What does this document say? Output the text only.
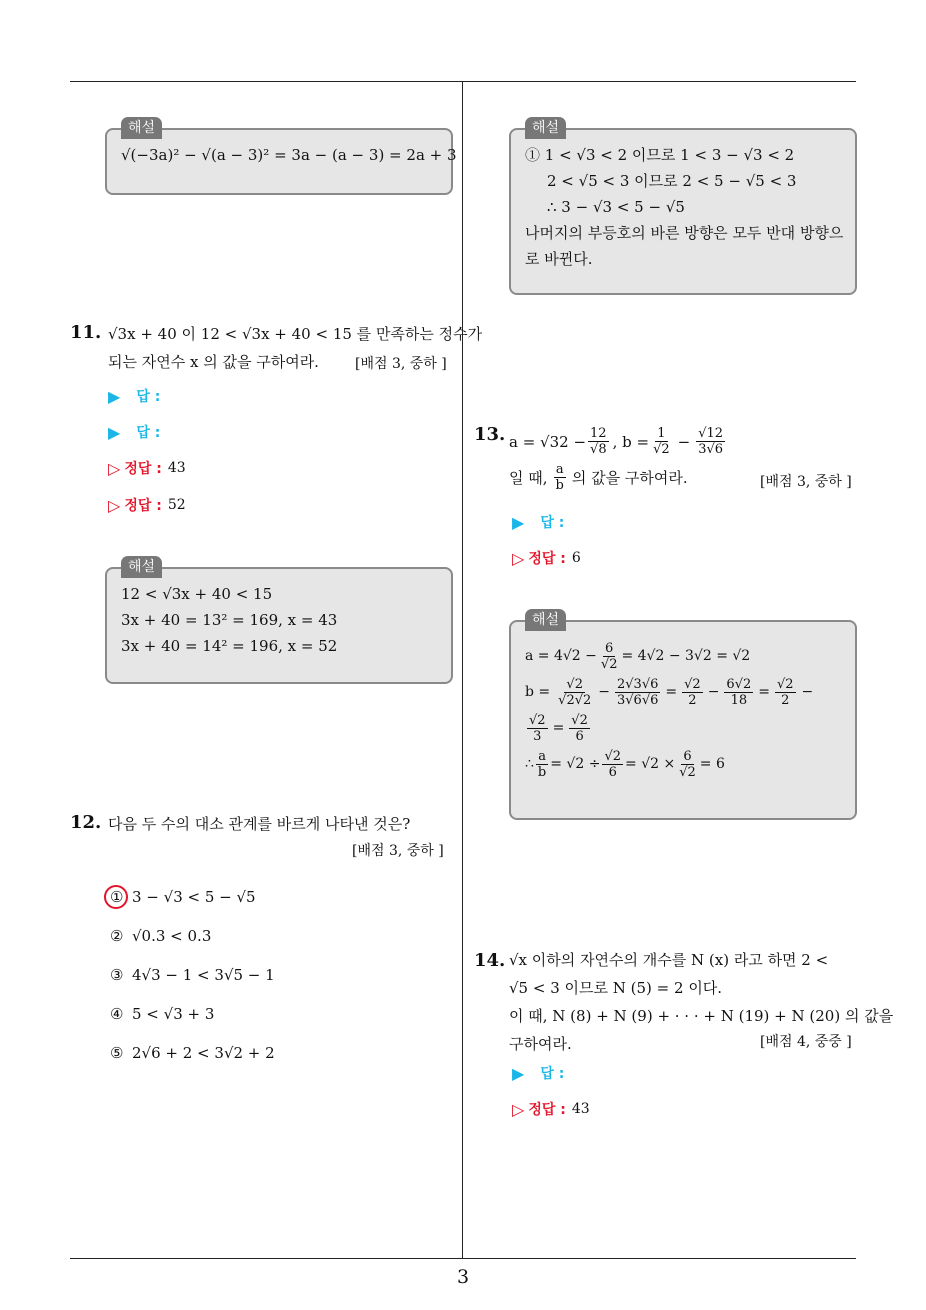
해설
√(−3a)² − √(a − 3)² = 3a − (a − 3) = 2a + 3
11. √3x + 40 이 12 < √3x + 40 < 15 를 만족하는 정수가
되는 자연수 x 의 값을 구하여라.	[배점 3, 중하 ]
▶ 답 :
▶ 답 :
▷ 정답 : 43
▷ 정답 : 52
해설
12 < √3x + 40 < 15
3x + 40 = 13² = 169, x = 43
3x + 40 = 14² = 196, x = 52
12. 다음 두 수의 대소 관계를 바르게 나타낸 것은?
[배점 3, 중하 ]
① 3 − √3 < 5 − √5
② √0.3 < 0.3
③ 4√3 − 1 < 3√5 − 1
④ 5 < √3 + 3
⑤ 2√6 + 2 < 3√2 + 2
해설
① 1 < √3 < 2 이므로 1 < 3 − √3 < 2
2 < √5 < 3 이므로 2 < 5 − √5 < 3
∴ 3 − √3 < 5 − √5
나머지의 부등호의 바른 방향은 모두 반대 방향으
로 바뀐다.
13. $a = √32 - \frac{12}{√8}$ , $b = \frac{1}{√2} - \frac{√12}{3√6}$
일 때, $\frac{a}{b}$ 의 값을 구하여라.	[배점 3, 중하 ]
▶ 답 :
▷ 정답 : 6
해설
$a = 4√2 - \frac{6}{√2} = 4√2 - 3√2 = √2$
$b = \frac{√2}{√2√2} - \frac{2√3√6}{3√6√6} = \frac{√2}{2} - \frac{6√2}{18} = \frac{√2}{2}$ −
$\frac{√2}{3} = \frac{√2}{6}$
∴ $\frac{a}{b} = √2 \div \frac{√2}{6} = √2 \times \frac{6}{√2} = 6$
14. √x 이하의 자연수의 개수를 N (x) 라고 하면 2 <
√5 < 3 이므로 N (5) = 2 이다.
이 때, N (8) + N (9) + · · · + N (19) + N (20) 의 값을
구하여라.	[배점 4, 중중 ]
▶ 답 :
▷ 정답 : 43
3
